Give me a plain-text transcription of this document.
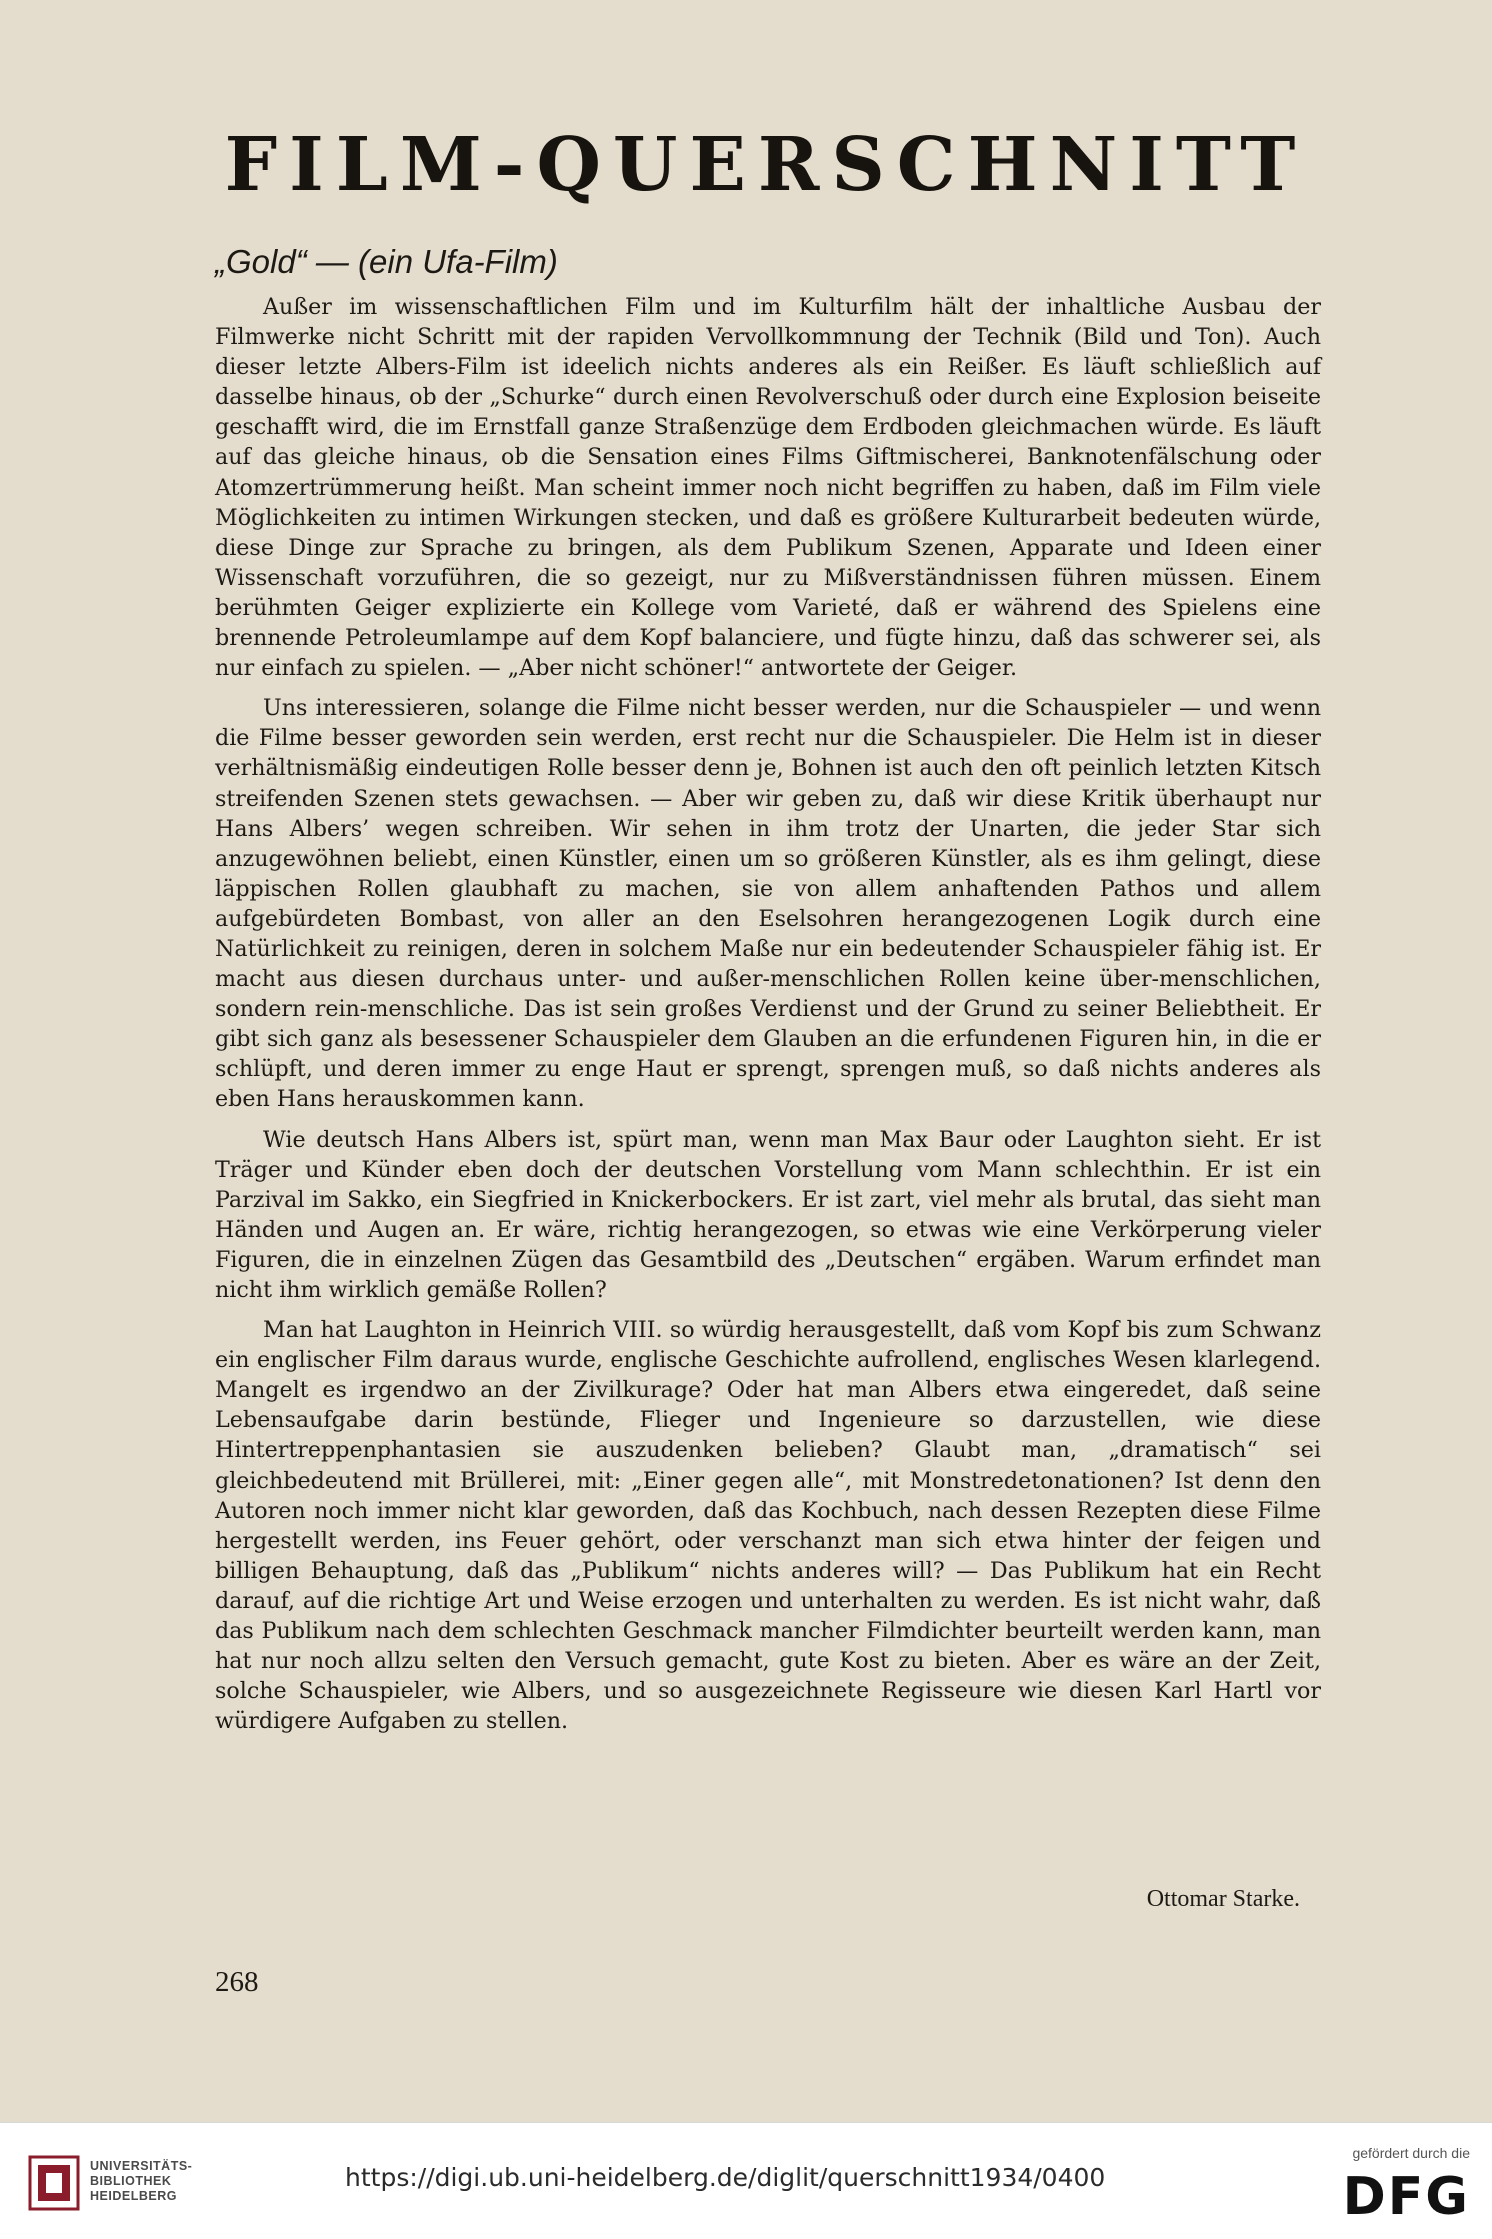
FILM-QUERSCHNITT
„Gold“ — (ein Ufa-Film)

Außer im wissenschaftlichen Film und im Kulturfilm hält der inhaltliche Ausbau der Filmwerke nicht Schritt mit der rapiden Vervollkommnung der Technik (Bild und Ton). Auch dieser letzte Albers-Film ist ideelich nichts anderes als ein Reißer. Es läuft schließlich auf dasselbe hinaus, ob der „Schurke“ durch einen Revolverschuß oder durch eine Explosion beiseite geschafft wird, die im Ernstfall ganze Straßenzüge dem Erdboden gleichmachen würde. Es läuft auf das gleiche hinaus, ob die Sensation eines Films Giftmischerei, Banknotenfälschung oder Atomzertrümmerung heißt. Man scheint immer noch nicht begriffen zu haben, daß im Film viele Möglichkeiten zu intimen Wirkungen stecken, und daß es größere Kulturarbeit bedeuten würde, diese Dinge zur Sprache zu bringen, als dem Publikum Szenen, Apparate und Ideen einer Wissenschaft vorzuführen, die so gezeigt, nur zu Mißverständnissen führen müssen. Einem berühmten Geiger explizierte ein Kollege vom Varieté, daß er während des Spielens eine brennende Petroleumlampe auf dem Kopf balanciere, und fügte hinzu, daß das schwerer sei, als nur einfach zu spielen. — „Aber nicht schöner!“ antwortete der Geiger.

Uns interessieren, solange die Filme nicht besser werden, nur die Schauspieler — und wenn die Filme besser geworden sein werden, erst recht nur die Schauspieler. Die Helm ist in dieser verhältnismäßig eindeutigen Rolle besser denn je, Bohnen ist auch den oft peinlich letzten Kitsch streifenden Szenen stets gewachsen. — Aber wir geben zu, daß wir diese Kritik überhaupt nur Hans Albers’ wegen schreiben. Wir sehen in ihm trotz der Unarten, die jeder Star sich anzugewöhnen beliebt, einen Künstler, einen um so größeren Künstler, als es ihm gelingt, diese läppischen Rollen glaubhaft zu machen, sie von allem anhaftenden Pathos und allem aufgebürdeten Bombast, von aller an den Eselsohren herangezogenen Logik durch eine Natürlichkeit zu reinigen, deren in solchem Maße nur ein bedeutender Schauspieler fähig ist. Er macht aus diesen durchaus unter- und außer-menschlichen Rollen keine über-menschlichen, sondern rein-menschliche. Das ist sein großes Verdienst und der Grund zu seiner Beliebtheit. Er gibt sich ganz als besessener Schauspieler dem Glauben an die erfundenen Figuren hin, in die er schlüpft, und deren immer zu enge Haut er sprengt, sprengen muß, so daß nichts anderes als eben Hans herauskommen kann.

Wie deutsch Hans Albers ist, spürt man, wenn man Max Baur oder Laughton sieht. Er ist Träger und Künder eben doch der deutschen Vorstellung vom Mann schlechthin. Er ist ein Parzival im Sakko, ein Siegfried in Knickerbockers. Er ist zart, viel mehr als brutal, das sieht man Händen und Augen an. Er wäre, richtig herangezogen, so etwas wie eine Verkörperung vieler Figuren, die in einzelnen Zügen das Gesamtbild des „Deutschen“ ergäben. Warum erfindet man nicht ihm wirklich gemäße Rollen?

Man hat Laughton in Heinrich VIII. so würdig herausgestellt, daß vom Kopf bis zum Schwanz ein englischer Film daraus wurde, englische Geschichte aufrollend, englisches Wesen klarlegend. Mangelt es irgendwo an der Zivilkurage? Oder hat man Albers etwa eingeredet, daß seine Lebensaufgabe darin bestünde, Flieger und Ingenieure so darzustellen, wie diese Hintertreppenphantasien sie auszudenken belieben? Glaubt man, „dramatisch“ sei gleichbedeutend mit Brüllerei, mit: „Einer gegen alle“, mit Monstredetonationen? Ist denn den Autoren noch immer nicht klar geworden, daß das Kochbuch, nach dessen Rezepten diese Filme hergestellt werden, ins Feuer gehört, oder verschanzt man sich etwa hinter der feigen und billigen Behauptung, daß das „Publikum“ nichts anderes will? — Das Publikum hat ein Recht darauf, auf die richtige Art und Weise erzogen und unterhalten zu werden. Es ist nicht wahr, daß das Publikum nach dem schlechten Geschmack mancher Filmdichter beurteilt werden kann, man hat nur noch allzu selten den Versuch gemacht, gute Kost zu bieten. Aber es wäre an der Zeit, solche Schauspieler, wie Albers, und so ausgezeichnete Regisseure wie diesen Karl Hartl vor würdigere Aufgaben zu stellen.

Ottomar Starke.
268
UNIVERSITÄTS-
BIBLIOTHEK
HEIDELBERG
https://digi.ub.uni-heidelberg.de/diglit/querschnitt1934/0400
gefördert durch die
DFG
